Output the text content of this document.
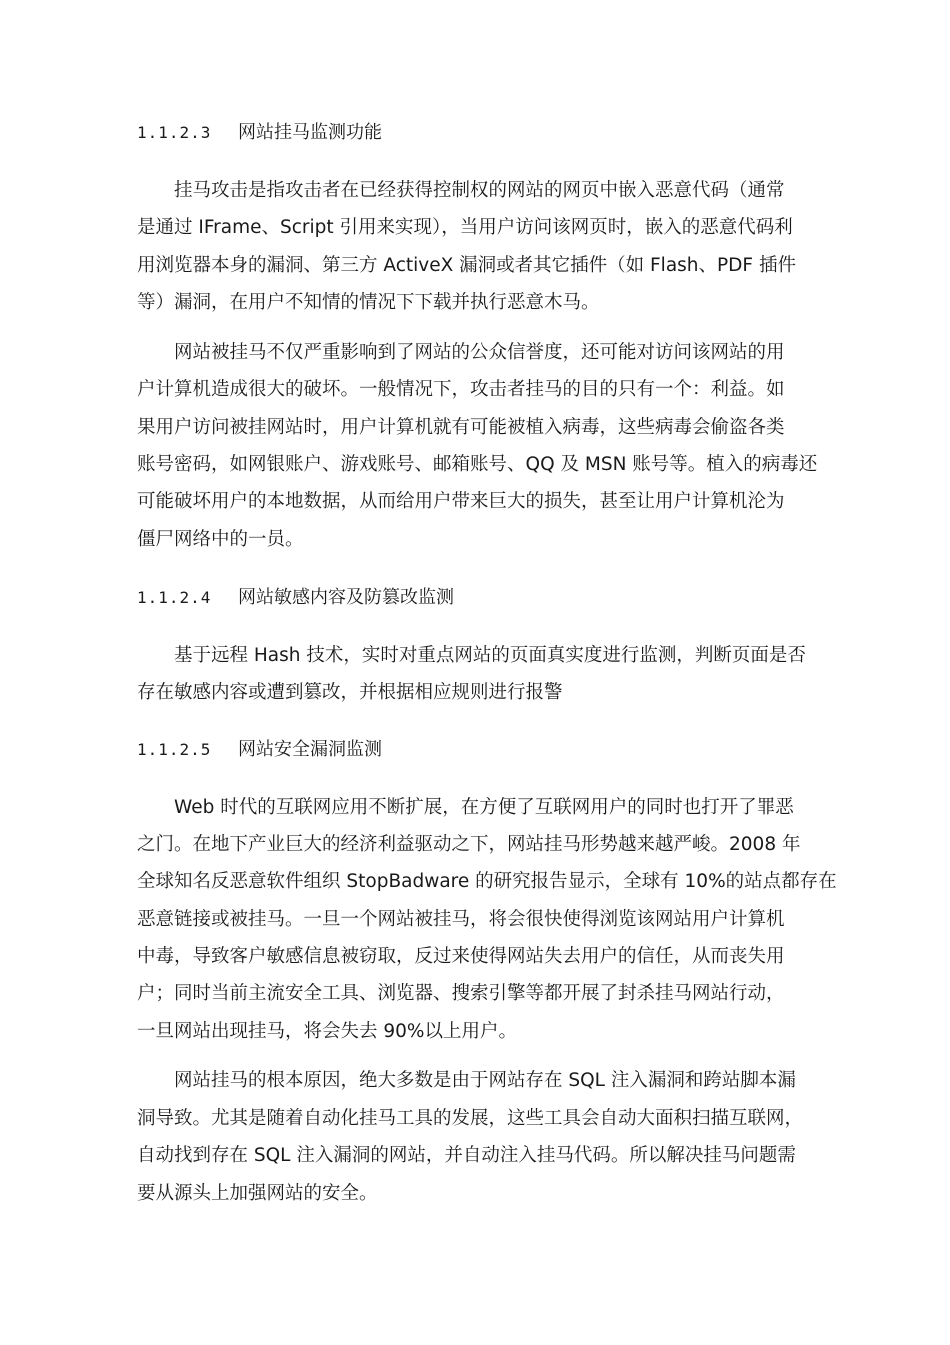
1.1.2.3 网站挂马监测功能
挂马攻击是指攻击者在已经获得控制权的网站的网页中嵌入恶意代码（通常
是通过 IFrame、Script 引用来实现），当用户访问该网页时，嵌入的恶意代码利
用浏览器本身的漏洞、第三方 ActiveX 漏洞或者其它插件（如 Flash、PDF 插件
等）漏洞，在用户不知情的情况下下载并执行恶意木马。
网站被挂马不仅严重影响到了网站的公众信誉度，还可能对访问该网站的用
户计算机造成很大的破坏。一般情况下，攻击者挂马的目的只有一个：利益。如
果用户访问被挂网站时，用户计算机就有可能被植入病毒，这些病毒会偷盗各类
账号密码，如网银账户、游戏账号、邮箱账号、QQ 及 MSN 账号等。植入的病毒还
可能破坏用户的本地数据，从而给用户带来巨大的损失，甚至让用户计算机沦为
僵尸网络中的一员。
1.1.2.4 网站敏感内容及防篡改监测
基于远程 Hash 技术，实时对重点网站的页面真实度进行监测，判断页面是否
存在敏感内容或遭到篡改，并根据相应规则进行报警
1.1.2.5 网站安全漏洞监测
Web 时代的互联网应用不断扩展，在方便了互联网用户的同时也打开了罪恶
之门。在地下产业巨大的经济利益驱动之下，网站挂马形势越来越严峻。2008 年
全球知名反恶意软件组织 StopBadware 的研究报告显示，全球有 10%的站点都存在
恶意链接或被挂马。一旦一个网站被挂马，将会很快使得浏览该网站用户计算机
中毒，导致客户敏感信息被窃取，反过来使得网站失去用户的信任，从而丧失用
户；同时当前主流安全工具、浏览器、搜索引擎等都开展了封杀挂马网站行动，
一旦网站出现挂马，将会失去 90%以上用户。
网站挂马的根本原因，绝大多数是由于网站存在 SQL 注入漏洞和跨站脚本漏
洞导致。尤其是随着自动化挂马工具的发展，这些工具会自动大面积扫描互联网，
自动找到存在 SQL 注入漏洞的网站，并自动注入挂马代码。所以解决挂马问题需
要从源头上加强网站的安全。
